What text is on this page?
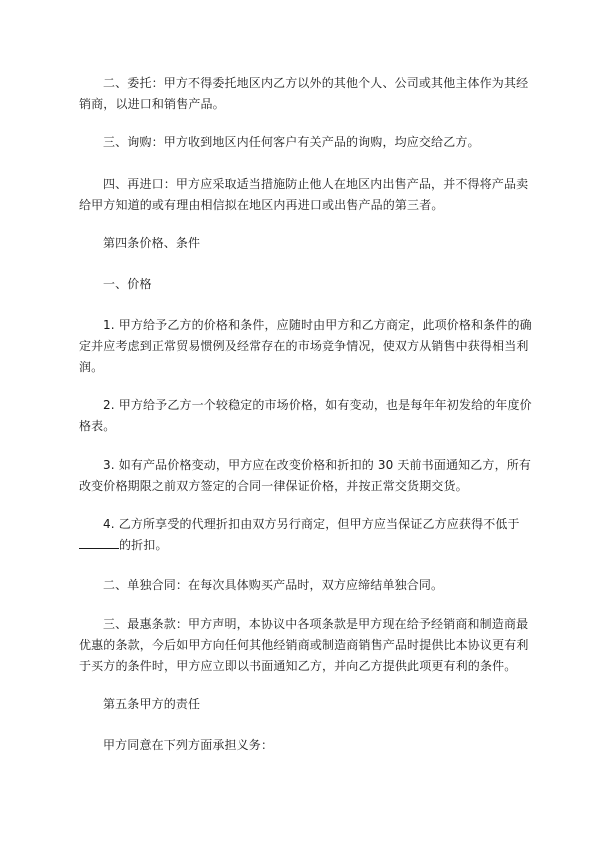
二、委托：甲方不得委托地区内乙方以外的其他个人、公司或其他主体作为其经
销商，以进口和销售产品。
三、询购：甲方收到地区内任何客户有关产品的询购，均应交给乙方。
四、再进口：甲方应采取适当措施防止他人在地区内出售产品，并不得将产品卖
给甲方知道的或有理由相信拟在地区内再进口或出售产品的第三者。
第四条价格、条件
一、价格
1. 甲方给予乙方的价格和条件，应随时由甲方和乙方商定，此项价格和条件的确
定并应考虑到正常贸易惯例及经常存在的市场竞争情况，使双方从销售中获得相当利
润。
2. 甲方给予乙方一个较稳定的市场价格，如有变动，也是每年年初发给的年度价
格表。
3. 如有产品价格变动，甲方应在改变价格和折扣的 30 天前书面通知乙方，所有
改变价格期限之前双方签定的合同一律保证价格，并按正常交货期交货。
4. 乙方所享受的代理折扣由双方另行商定，但甲方应当保证乙方应获得不低于
的折扣。
二、单独合同：在每次具体购买产品时，双方应缔结单独合同。
三、最惠条款：甲方声明，本协议中各项条款是甲方现在给予经销商和制造商最
优惠的条款，今后如甲方向任何其他经销商或制造商销售产品时提供比本协议更有利
于买方的条件时，甲方应立即以书面通知乙方，并向乙方提供此项更有利的条件。
第五条甲方的责任
甲方同意在下列方面承担义务：
